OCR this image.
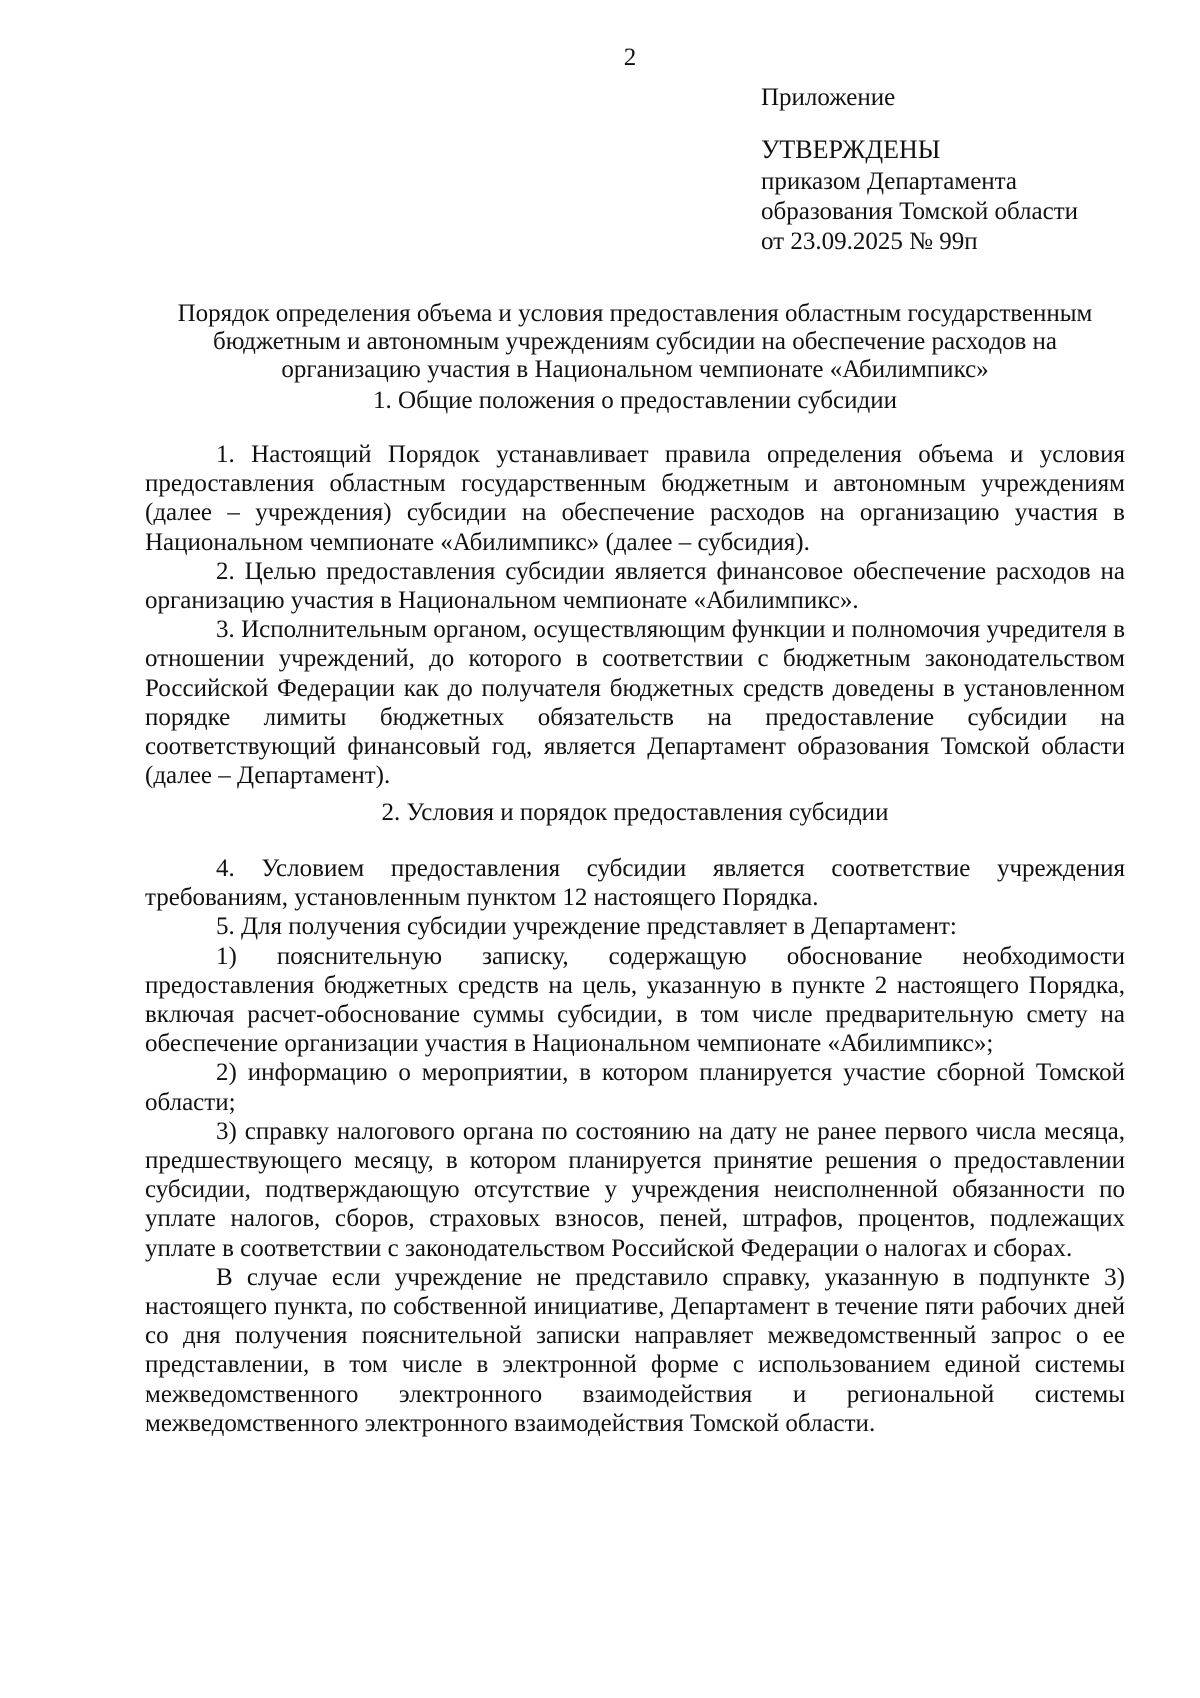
2
Приложение
УТВЕРЖДЕНЫ
приказом Департамента
образования Томской области
от 23.09.2025 № 99п
Порядок определения объема и условия предоставления областным государственным бюджетным и автономным учреждениям субсидии на обеспечение расходов на организацию участия в Национальном чемпионате «Абилимпикс»
1. Общие положения о предоставлении субсидии

1. Настоящий Порядок устанавливает правила определения объема и условия предоставления областным государственным бюджетным и автономным учреждениям (далее – учреждения) субсидии на обеспечение расходов на организацию участия в Национальном чемпионате «Абилимпикс» (далее – субсидия).

2. Целью предоставления субсидии является финансовое обеспечение расходов на организацию участия в Национальном чемпионате «Абилимпикс».

3. Исполнительным органом, осуществляющим функции и полномочия учредителя в отношении учреждений, до которого в соответствии с бюджетным законодательством Российской Федерации как до получателя бюджетных средств доведены в установленном порядке лимиты бюджетных обязательств на предоставление субсидии на соответствующий финансовый год, является Департамент образования Томской области (далее – Департамент).

2. Условия и порядок предоставления субсидии

4. Условием предоставления субсидии является соответствие учреждения требованиям, установленным пунктом 12 настоящего Порядка.

5. Для получения субсидии учреждение представляет в Департамент:

1) пояснительную записку, содержащую обоснование необходимости предоставления бюджетных средств на цель, указанную в пункте 2 настоящего Порядка, включая расчет-обоснование суммы субсидии, в том числе предварительную смету на обеспечение организации участия в Национальном чемпионате «Абилимпикс»;

2) информацию о мероприятии, в котором планируется участие сборной Томской области;

3) справку налогового органа по состоянию на дату не ранее первого числа месяца, предшествующего месяцу, в котором планируется принятие решения о предоставлении субсидии, подтверждающую отсутствие у учреждения неисполненной обязанности по уплате налогов, сборов, страховых взносов, пеней, штрафов, процентов, подлежащих уплате в соответствии с законодательством Российской Федерации о налогах и сборах.

В случае если учреждение не представило справку, указанную в подпункте 3) настоящего пункта, по собственной инициативе, Департамент в течение пяти рабочих дней со дня получения пояснительной записки направляет межведомственный запрос о ее представлении, в том числе в электронной форме с использованием единой системы межведомственного электронного взаимодействия и региональной системы межведомственного электронного взаимодействия Томской области.
